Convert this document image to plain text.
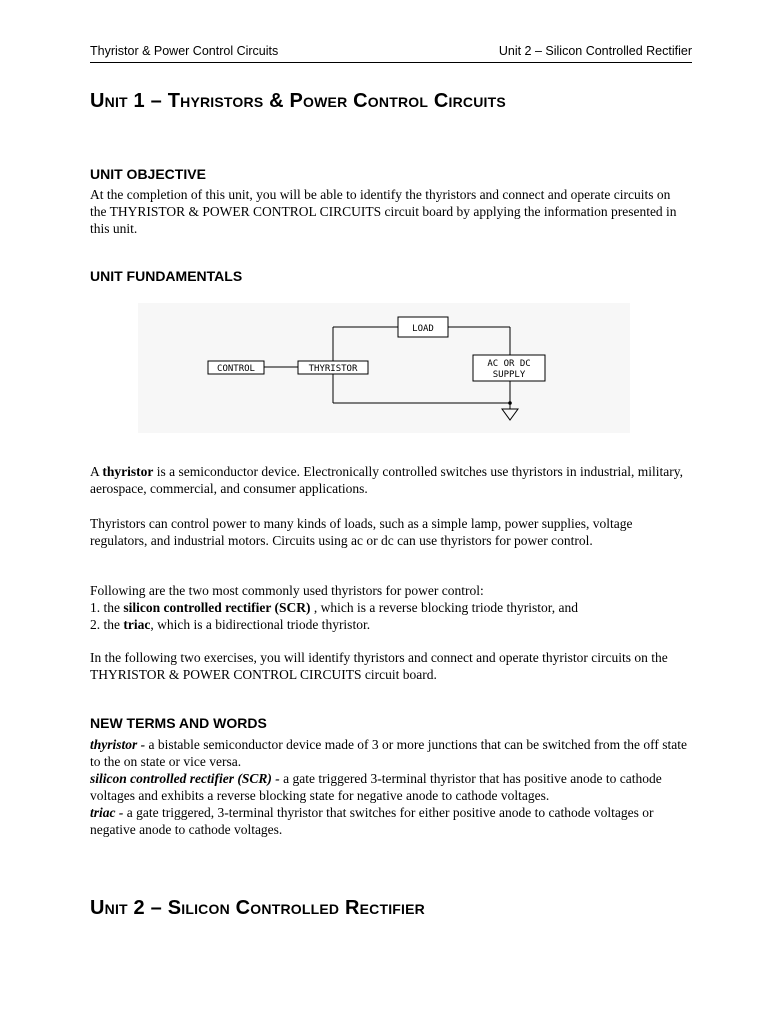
Thyristor & Power Control Circuits	Unit 2 – Silicon Controlled Rectifier
Unit 1 – Thyristors & Power Control Circuits
UNIT OBJECTIVE

At the completion of this unit, you will be able to identify the thyristors and connect and operate circuits on the THYRISTOR & POWER CONTROL CIRCUITS circuit board by applying the information presented in this unit.

UNIT FUNDAMENTALS
LOAD
CONTROL	THYRISTOR	AC OR DC
SUPPLY
A thyristor is a semiconductor device. Electronically controlled switches use thyristors in industrial, military, aerospace, commercial, and consumer applications.

Thyristors can control power to many kinds of loads, such as a simple lamp, power supplies, voltage regulators, and industrial motors. Circuits using ac or dc can use thyristors for power control.

Following are the two most commonly used thyristors for power control:

1. the silicon controlled rectifier (SCR) , which is a reverse blocking triode thyristor, and

2. the triac, which is a bidirectional triode thyristor.

In the following two exercises, you will identify thyristors and connect and operate thyristor circuits on the THYRISTOR & POWER CONTROL CIRCUITS circuit board.

NEW TERMS AND WORDS

thyristor - a bistable semiconductor device made of 3 or more junctions that can be switched from the off state to the on state or vice versa.

silicon controlled rectifier (SCR) - a gate triggered 3-terminal thyristor that has positive anode to cathode voltages and exhibits a reverse blocking state for negative anode to cathode voltages.

triac - a gate triggered, 3-terminal thyristor that switches for either positive anode to cathode voltages or negative anode to cathode voltages.

Unit 2 – Silicon Controlled Rectifier
